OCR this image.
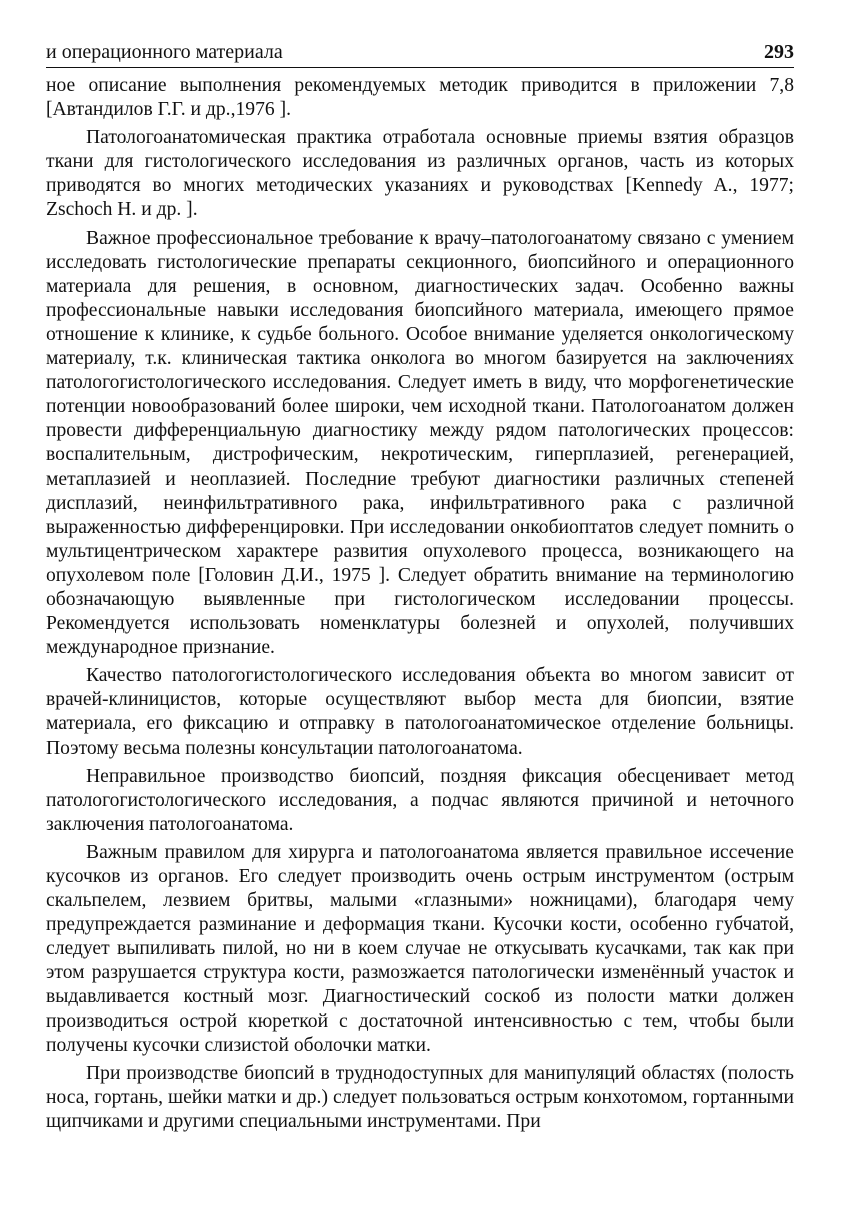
и операционного материала	293

ное описание выполнения рекомендуемых методик приводится в приложении 7,8 [Автандилов Г.Г. и др.,1976 ].

Патологоанатомическая практика отработала основные приемы взятия образцов ткани для гистологического исследования из различных органов, часть из которых приводятся во многих методических указаниях и руководствах [Kennedy A., 1977; Zschoch H. и др. ].

Важное профессиональное требование к врачу–патологоанатому связано с умением исследовать гистологические препараты секционного, биопсийного и операционного материала для решения, в основном, диагностических задач. Особенно важны профессиональные навыки исследования биопсийного материала, имеющего прямое отношение к клинике, к судьбе больного. Особое внимание уделяется онкологическому материалу, т.к. клиническая тактика онколога во многом базируется на заключениях патологогистологического исследования. Следует иметь в виду, что морфогенетические потенции новообразований более широки, чем исходной ткани. Патологоанатом должен провести дифференциальную диагностику между рядом патологических процессов: воспалительным, дистрофическим, некротическим, гиперплазией, регенерацией, метаплазией и неоплазией. Последние требуют диагностики различных степеней дисплазий, неинфильтративного рака, инфильтративного рака с различной выраженностью дифференцировки. При исследовании онкобиоптатов следует помнить о мультицентрическом характере развития опухолевого процесса, возникающего на опухолевом поле [Головин Д.И., 1975 ]. Следует обратить внимание на терминологию обозначающую выявленные при гистологическом исследовании процессы. Рекомендуется использовать номенклатуры болезней и опухолей, получивших международное признание.

Качество патологогистологического исследования объекта во многом зависит от врачей-клиницистов, которые осуществляют выбор места для биопсии, взятие материала, его фиксацию и отправку в патологоанатомическое отделение больницы. Поэтому весьма полезны консультации патологоанатома.

Неправильное производство биопсий, поздняя фиксация обесценивает метод патологогистологического исследования, а подчас являются причиной и неточного заключения патологоанатома.

Важным правилом для хирурга и патологоанатома является правильное иссечение кусочков из органов. Его следует производить очень острым инструментом (острым скальпелем, лезвием бритвы, малыми «глазными» ножницами), благодаря чему предупреждается разминание и деформация ткани. Кусочки кости, особенно губчатой, следует выпиливать пилой, но ни в коем случае не откусывать кусачками, так как при этом разрушается структура кости, размозжается патологически изменённый участок и выдавливается костный мозг. Диагностический соскоб из полости матки должен производиться острой кюреткой с достаточной интенсивностью с тем, чтобы были получены кусочки слизистой оболочки матки.

При производстве биопсий в труднодоступных для манипуляций областях (полость носа, гортань, шейки матки и др.) следует пользоваться острым конхотомом, гортанными щипчиками и другими специальными инструментами. При
